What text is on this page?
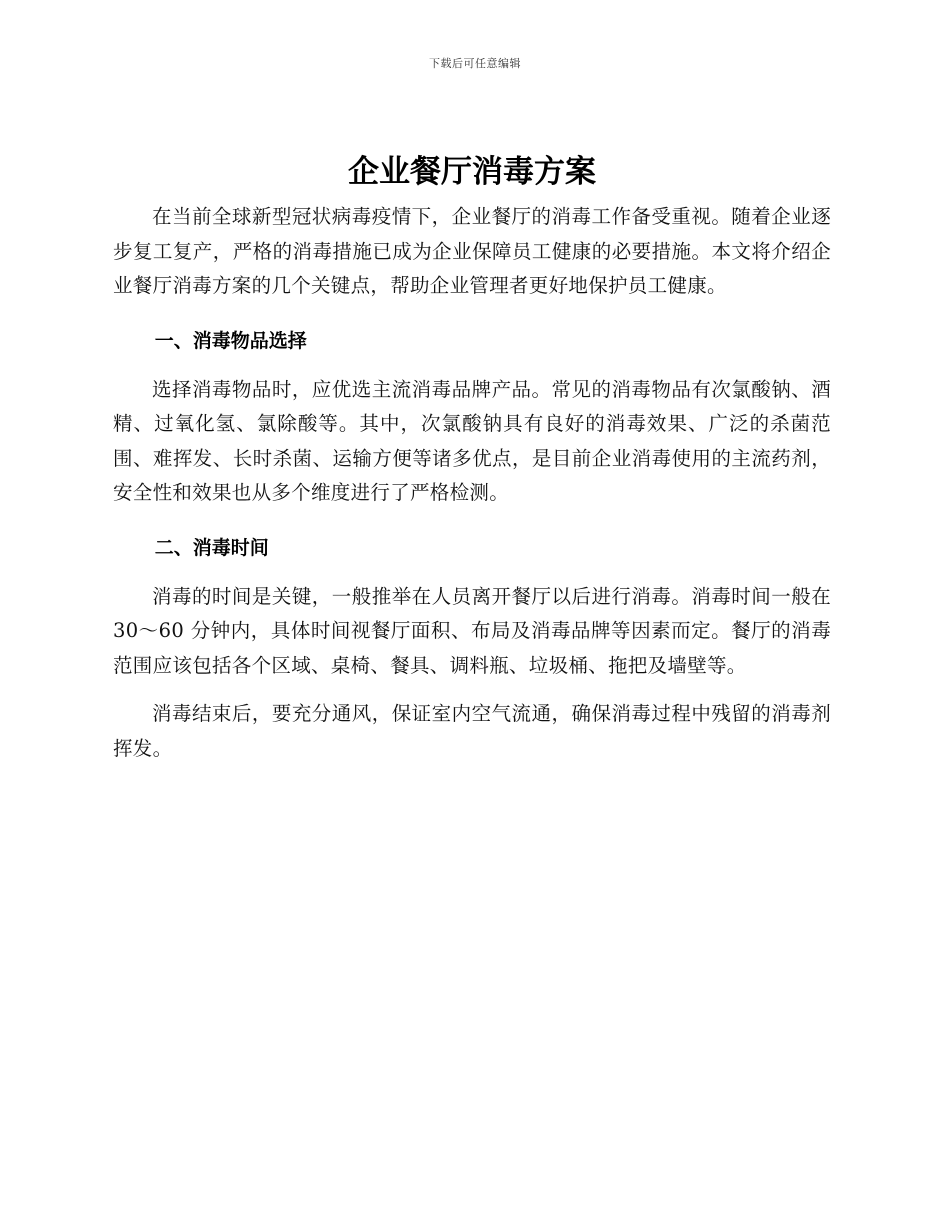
下载后可任意编辑
企业餐厅消毒方案

在当前全球新型冠状病毒疫情下，企业餐厅的消毒工作备受重视。随着企业逐步复工复产，严格的消毒措施已成为企业保障员工健康的必要措施。本文将介绍企业餐厅消毒方案的几个关键点，帮助企业管理者更好地保护员工健康。

一、消毒物品选择

选择消毒物品时，应优选主流消毒品牌产品。常见的消毒物品有次氯酸钠、酒精、过氧化氢、氯除酸等。其中，次氯酸钠具有良好的消毒效果、广泛的杀菌范围、难挥发、长时杀菌、运输方便等诸多优点，是目前企业消毒使用的主流药剂，安全性和效果也从多个维度进行了严格检测。

二、消毒时间

消毒的时间是关键，一般推举在人员离开餐厅以后进行消毒。消毒时间一般在 30～60 分钟内，具体时间视餐厅面积、布局及消毒品牌等因素而定。餐厅的消毒范围应该包括各个区域、桌椅、餐具、调料瓶、垃圾桶、拖把及墙壁等。

消毒结束后，要充分通风，保证室内空气流通，确保消毒过程中残留的消毒剂挥发。
